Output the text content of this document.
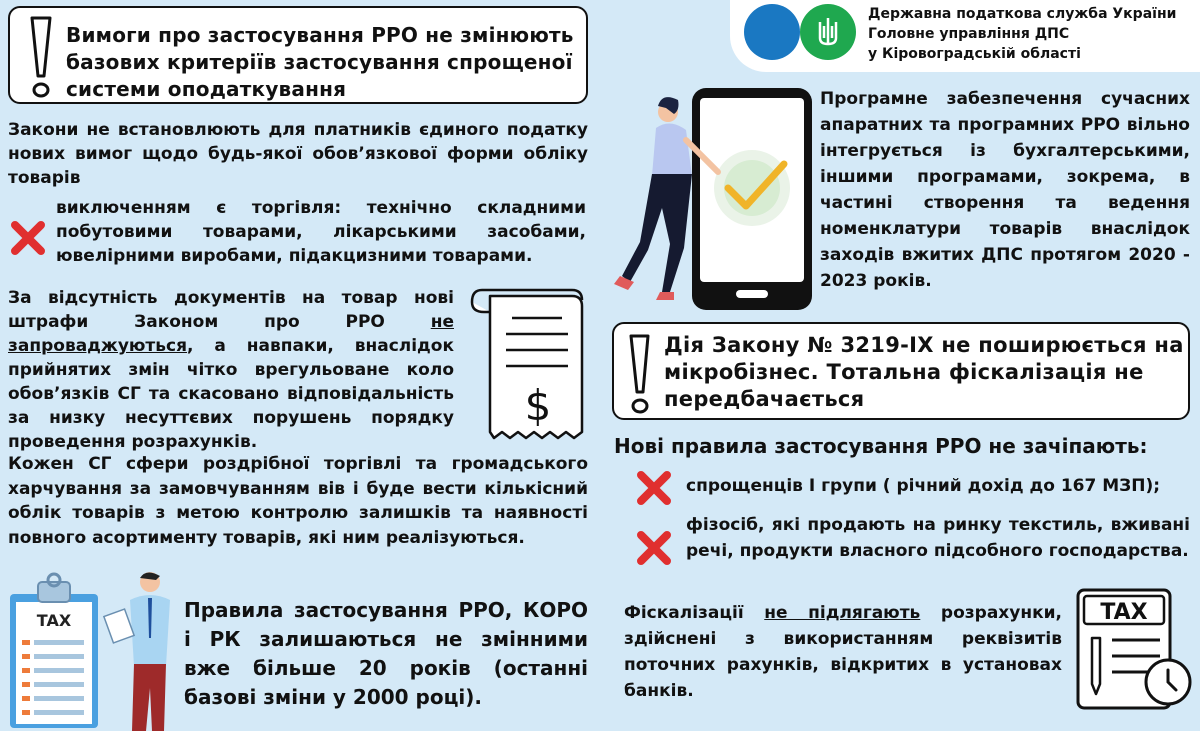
Вимоги про застосування РРО не змінюють базових критеріїв застосування спрощеної системи оподаткування
Державна податкова служба України
Головне управління ДПС
у Кіровоградській області
Закони не встановлюють для платників єдиного податку нових вимог щодо будь-якої обов’язкової форми обліку товарів
виключенням є торгівля: технічно складними побутовими товарами, лікарськими засобами, ювелірними виробами, підакцизними товарами.
За відсутність документів на товар нові штрафи Законом про РРО не запроваджуються, а навпаки, внаслідок прийнятих змін чітко врегульоване коло обов’язків СГ та скасовано відповідальність за низку несуттєвих порушень порядку проведення розрахунків.
$
Кожен СГ сфери роздрібної торгівлі та громадського харчування за замовчуванням вів і буде вести кількісний облік товарів з метою контролю залишків та наявності повного асортименту товарів, які ним реалізуються.
TAX	Правила застосування РРО, КОРО і РК залишаються не змінними вже більше 20 років (останні базові зміни у 2000 році).
Програмне забезпечення сучасних апаратних та програмних РРО вільно інтегрується із бухгалтерськими, іншими програмами, зокрема, в частині створення та ведення номенклатури товарів внаслідок заходів вжитих ДПС протягом 2020 - 2023 років.
Дія Закону № 3219-IX не поширюється на мікробізнес. Тотальна фіскалізація не передбачається
Нові правила застосування РРО не зачіпають:
спрощенців І групи ( річний дохід до 167 МЗП);
фізосіб, які продають на ринку текстиль, вживані речі, продукти власного підсобного господарства.
Фіскалізації не підлягають розрахунки, здійснені з використанням реквізитів поточних рахунків, відкритих в установах банків.
TAX
